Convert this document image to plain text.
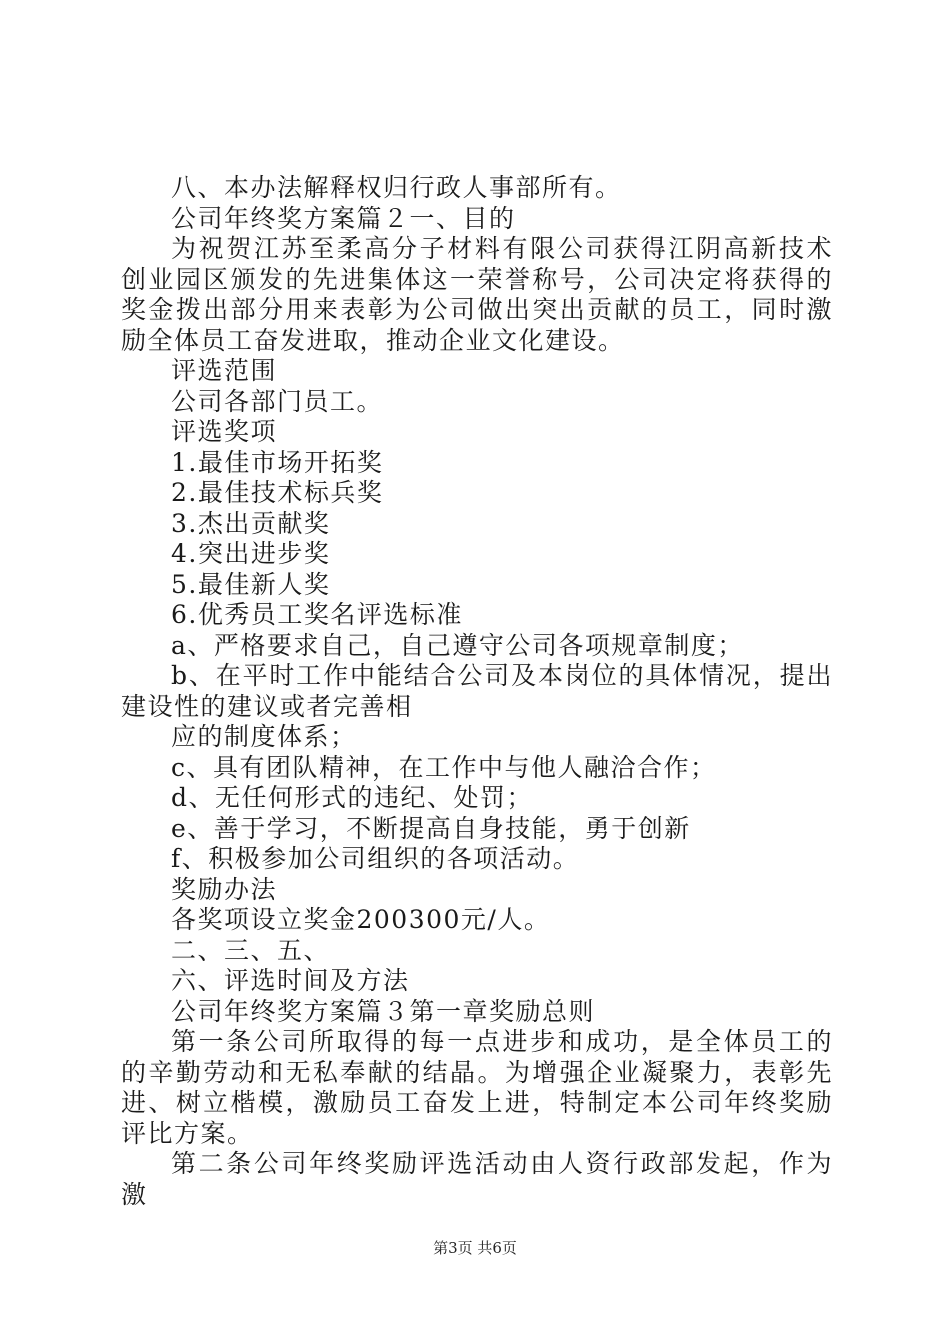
八、本办法解释权归行政人事部所有。

公司年终奖方案篇２一、目的

为祝贺江苏至柔高分子材料有限公司获得江阴高新技术创业园区颁发的先进集体这一荣誉称号，公司决定将获得的奖金拨出部分用来表彰为公司做出突出贡献的员工，同时激励全体员工奋发进取，推动企业文化建设。

评选范围

公司各部门员工。

评选奖项

1.最佳市场开拓奖

2.最佳技术标兵奖

3.杰出贡献奖

4.突出进步奖

5.最佳新人奖

6.优秀员工奖名评选标准

a、严格要求自己，自己遵守公司各项规章制度；

b、在平时工作中能结合公司及本岗位的具体情况，提出建设性的建议或者完善相

应的制度体系；

c、具有团队精神，在工作中与他人融洽合作；

d、无任何形式的违纪、处罚；

e、善于学习，不断提高自身技能，勇于创新

f、积极参加公司组织的各项活动。

奖励办法

各奖项设立奖金200300元/人。

二、三、五、

六、评选时间及方法

公司年终奖方案篇３第一章奖励总则

第一条公司所取得的每一点进步和成功，是全体员工的的辛勤劳动和无私奉献的结晶。为增强企业凝聚力，表彰先进、树立楷模，激励员工奋发上进，特制定本公司年终奖励评比方案。

第二条公司年终奖励评选活动由人资行政部发起，作为激

第3页 共6页
